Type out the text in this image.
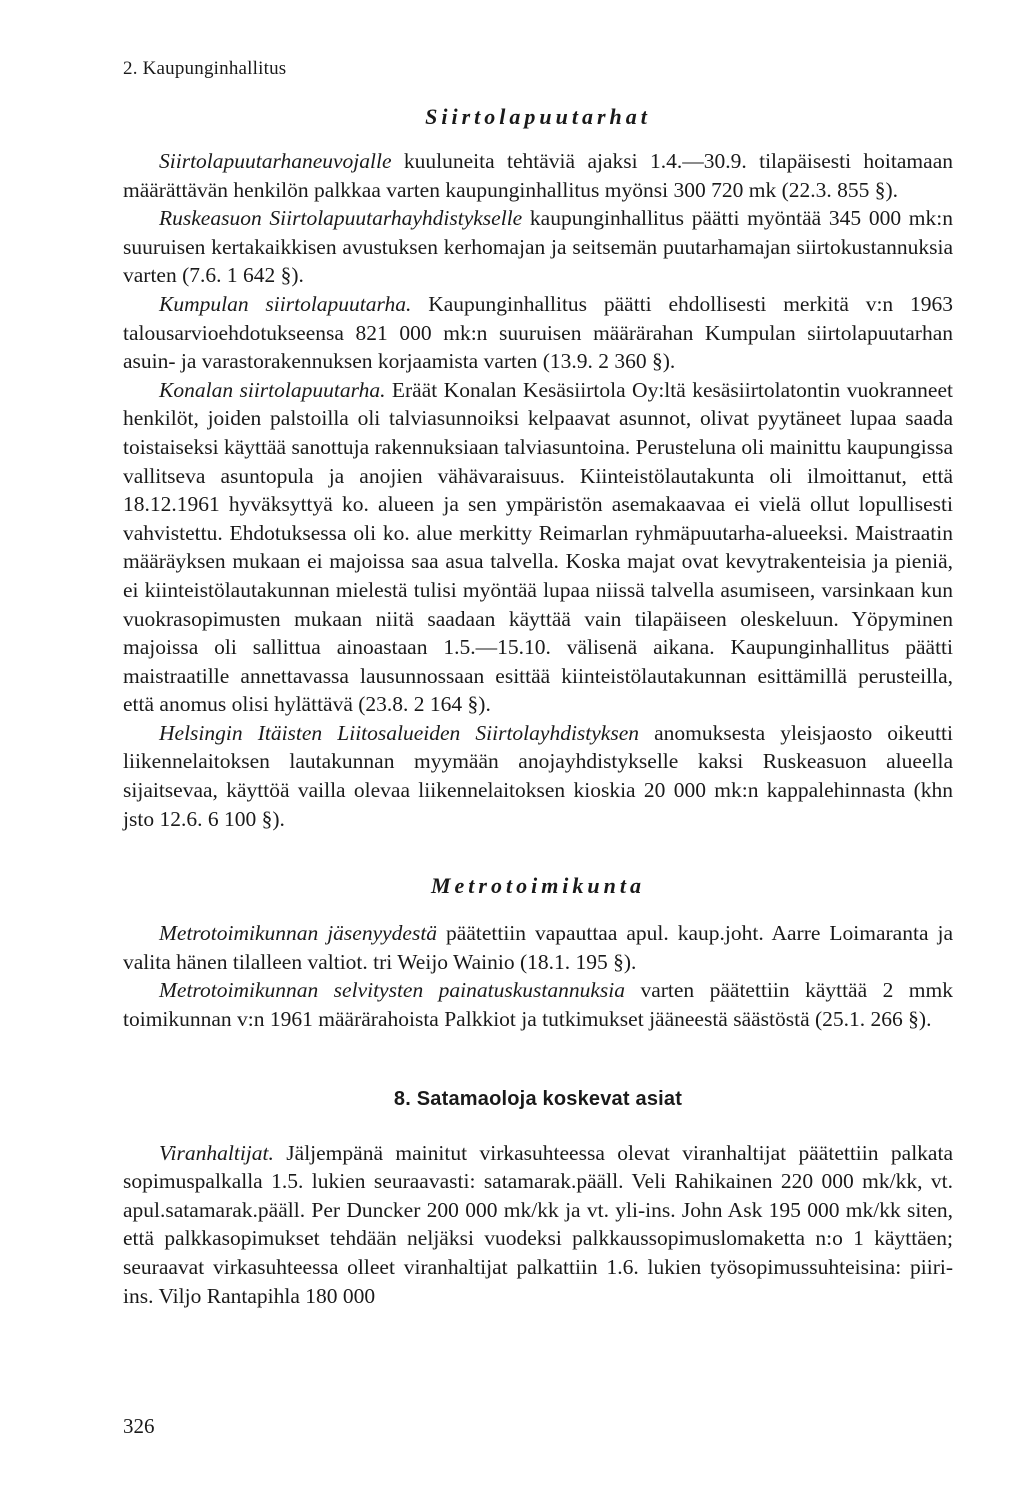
2. Kaupunginhallitus
Siirtolapuutarhat

Siirtolapuutarhaneuvojalle kuuluneita tehtäviä ajaksi 1.4.—30.9. tilapäisesti hoitamaan määrättävän henkilön palkkaa varten kaupunginhallitus myönsi 300 720 mk (22.3. 855 §).

Ruskeasuon Siirtolapuutarhayhdistykselle kaupunginhallitus päätti myöntää 345 000 mk:n suuruisen kertakaikkisen avustuksen kerhomajan ja seitsemän puutarhamajan siirtokustannuksia varten (7.6. 1 642 §).

Kumpulan siirtolapuutarha. Kaupunginhallitus päätti ehdollisesti merkitä v:n 1963 talousarvioehdotukseensa 821 000 mk:n suuruisen määrärahan Kumpulan siirtolapuutarhan asuin- ja varastorakennuksen korjaamista varten (13.9. 2 360 §).

Konalan siirtolapuutarha. Eräät Konalan Kesäsiirtola Oy:ltä kesäsiirtolatontin vuokranneet henkilöt, joiden palstoilla oli talviasunnoiksi kelpaavat asunnot, olivat pyytäneet lupaa saada toistaiseksi käyttää sanottuja rakennuksiaan talviasuntoina. Perusteluna oli mainittu kaupungissa vallitseva asuntopula ja anojien vähävaraisuus. Kiinteistölautakunta oli ilmoittanut, että 18.12.1961 hyväksyttyä ko. alueen ja sen ympäristön asemakaavaa ei vielä ollut lopullisesti vahvistettu. Ehdotuksessa oli ko. alue merkitty Reimarlan ryhmäpuutarha-alueeksi. Maistraatin määräyksen mukaan ei majoissa saa asua talvella. Koska majat ovat kevytrakenteisia ja pieniä, ei kiinteistölautakunnan mielestä tulisi myöntää lupaa niissä talvella asumiseen, varsinkaan kun vuokrasopimusten mukaan niitä saadaan käyttää vain tilapäiseen oleskeluun. Yöpyminen majoissa oli sallittua ainoastaan 1.5.—15.10. välisenä aikana. Kaupunginhallitus päätti maistraatille annettavassa lausunnossaan esittää kiinteistölautakunnan esittämillä perusteilla, että anomus olisi hylättävä (23.8. 2 164 §).

Helsingin Itäisten Liitosalueiden Siirtolayhdistyksen anomuksesta yleisjaosto oikeutti liikennelaitoksen lautakunnan myymään anojayhdistykselle kaksi Ruskeasuon alueella sijaitsevaa, käyttöä vailla olevaa liikennelaitoksen kioskia 20 000 mk:n kappalehinnasta (khn jsto 12.6. 6 100 §).

Metrotoimikunta

Metrotoimikunnan jäsenyydestä päätettiin vapauttaa apul. kaup.joht. Aarre Loimaranta ja valita hänen tilalleen valtiot. tri Weijo Wainio (18.1. 195 §).

Metrotoimikunnan selvitysten painatuskustannuksia varten päätettiin käyttää 2 mmk toimikunnan v:n 1961 määrärahoista Palkkiot ja tutkimukset jääneestä säästöstä (25.1. 266 §).

8. Satamaoloja koskevat asiat

Viranhaltijat. Jäljempänä mainitut virkasuhteessa olevat viranhaltijat päätettiin palkata sopimuspalkalla 1.5. lukien seuraavasti: satamarak.pääll. Veli Rahikainen 220 000 mk/kk, vt. apul.satamarak.pääll. Per Duncker 200 000 mk/kk ja vt. yli-ins. John Ask 195 000 mk/kk siten, että palkkasopimukset tehdään neljäksi vuodeksi palkkaussopimuslomaketta n:o 1 käyttäen; seuraavat virkasuhteessa olleet viranhaltijat palkattiin 1.6. lukien työsopimussuhteisina: piiri-ins. Viljo Rantapihla 180 000

326
